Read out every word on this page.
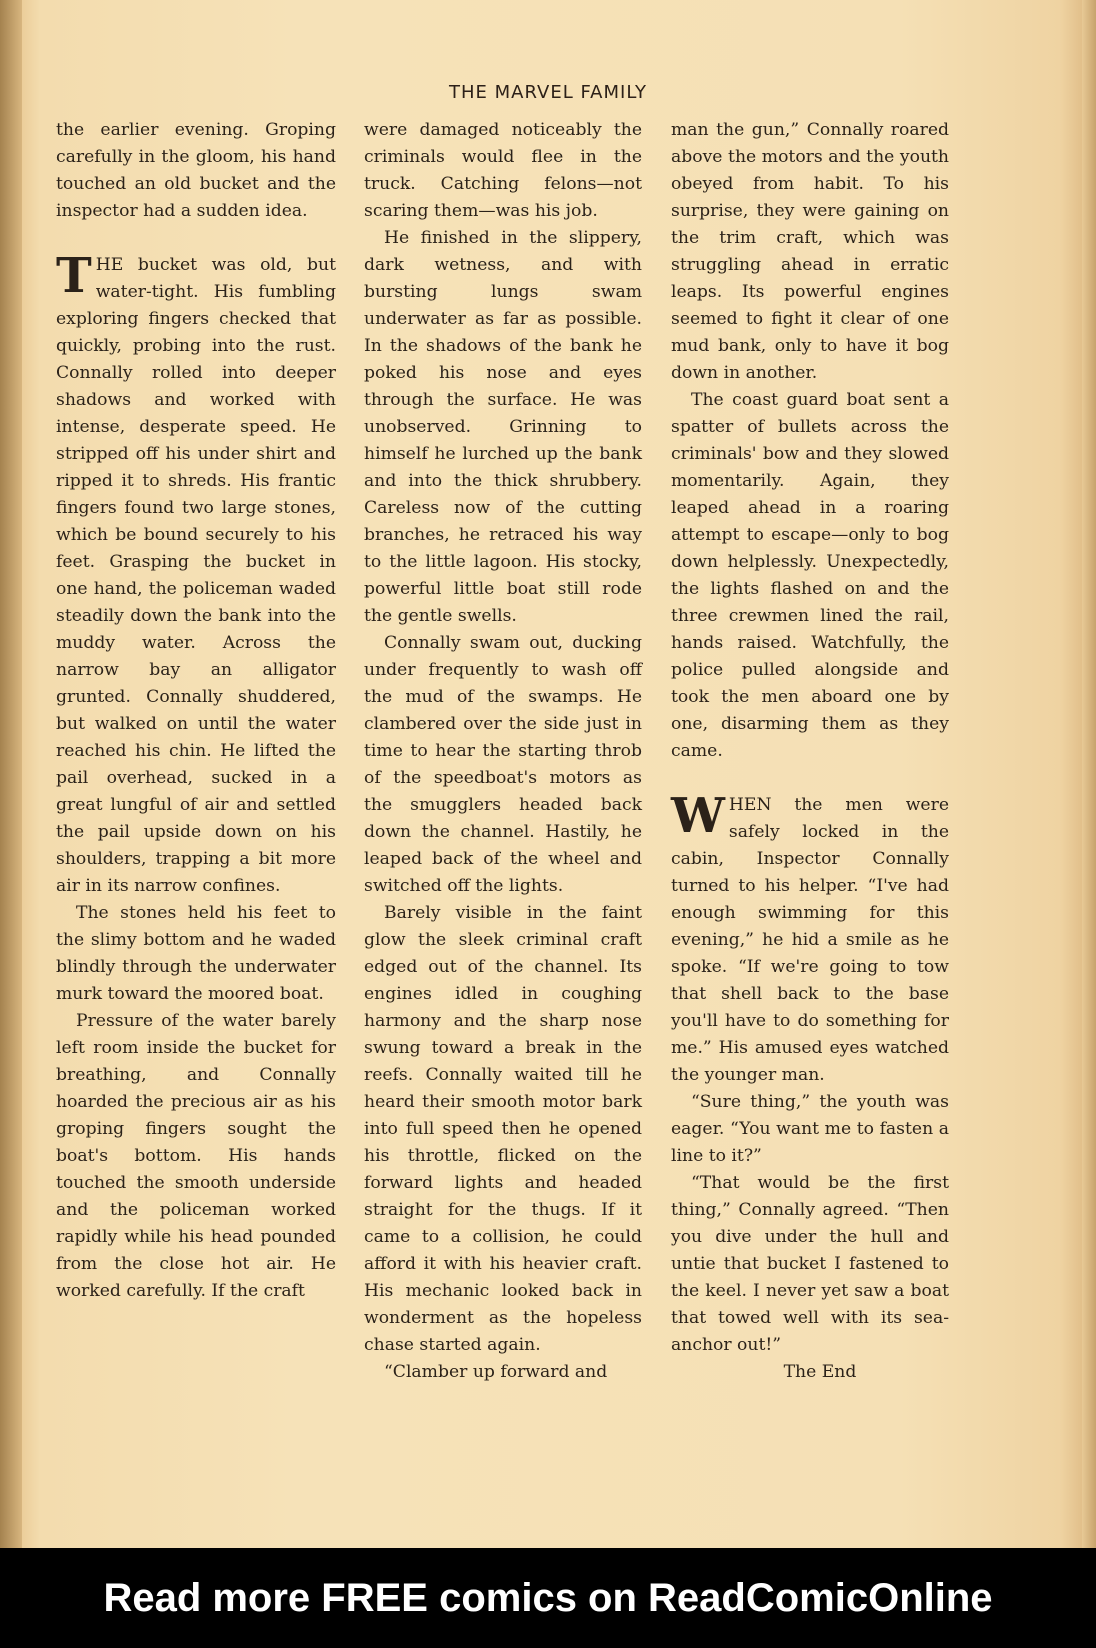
THE MARVEL FAMILY

the earlier evening. Groping carefully in the gloom, his hand touched an old bucket and the inspector had a sudden idea.

THE bucket was old, but water-tight. His fumbling exploring fingers checked that quickly, probing into the rust. Connally rolled into deeper shadows and worked with intense, desperate speed. He stripped off his under shirt and ripped it to shreds. His frantic fingers found two large stones, which be bound securely to his feet. Grasping the bucket in one hand, the policeman waded steadily down the bank into the muddy water. Across the narrow bay an alligator grunted. Connally shuddered, but walked on until the water reached his chin. He lifted the pail overhead, sucked in a great lungful of air and settled the pail upside down on his shoulders, trapping a bit more air in its narrow confines.

The stones held his feet to the slimy bottom and he waded blindly through the underwater murk toward the moored boat.

Pressure of the water barely left room inside the bucket for breathing, and Connally hoarded the precious air as his groping fingers sought the boat's bottom. His hands touched the smooth underside and the policeman worked rapidly while his head pounded from the close hot air. He worked carefully. If the craft

were damaged noticeably the criminals would flee in the truck. Catching felons—not scaring them—was his job.

He finished in the slippery, dark wetness, and with bursting lungs swam underwater as far as possible. In the shadows of the bank he poked his nose and eyes through the surface. He was unobserved. Grinning to himself he lurched up the bank and into the thick shrubbery. Careless now of the cutting branches, he retraced his way to the little lagoon. His stocky, powerful little boat still rode the gentle swells.

Connally swam out, ducking under frequently to wash off the mud of the swamps. He clambered over the side just in time to hear the starting throb of the speedboat's motors as the smugglers headed back down the channel. Hastily, he leaped back of the wheel and switched off the lights.

Barely visible in the faint glow the sleek criminal craft edged out of the channel. Its engines idled in coughing harmony and the sharp nose swung toward a break in the reefs. Connally waited till he heard their smooth motor bark into full speed then he opened his throttle, flicked on the forward lights and headed straight for the thugs. If it came to a collision, he could afford it with his heavier craft. His mechanic looked back in wonderment as the hopeless chase started again.

“Clamber up forward and

man the gun,” Connally roared above the motors and the youth obeyed from habit. To his surprise, they were gaining on the trim craft, which was struggling ahead in erratic leaps. Its powerful engines seemed to fight it clear of one mud bank, only to have it bog down in another.

The coast guard boat sent a spatter of bullets across the criminals' bow and they slowed momentarily. Again, they leaped ahead in a roaring attempt to escape—only to bog down helplessly. Unexpectedly, the lights flashed on and the three crewmen lined the rail, hands raised. Watchfully, the police pulled alongside and took the men aboard one by one, disarming them as they came.

WHEN the men were safely locked in the cabin, Inspector Connally turned to his helper. “I've had enough swimming for this evening,” he hid a smile as he spoke. “If we're going to tow that shell back to the base you'll have to do something for me.” His amused eyes watched the younger man.

“Sure thing,” the youth was eager. “You want me to fasten a line to it?”

“That would be the first thing,” Connally agreed. “Then you dive under the hull and untie that bucket I fastened to the keel. I never yet saw a boat that towed well with its sea-anchor out!”

The End

Read more FREE comics on ReadComicOnline
